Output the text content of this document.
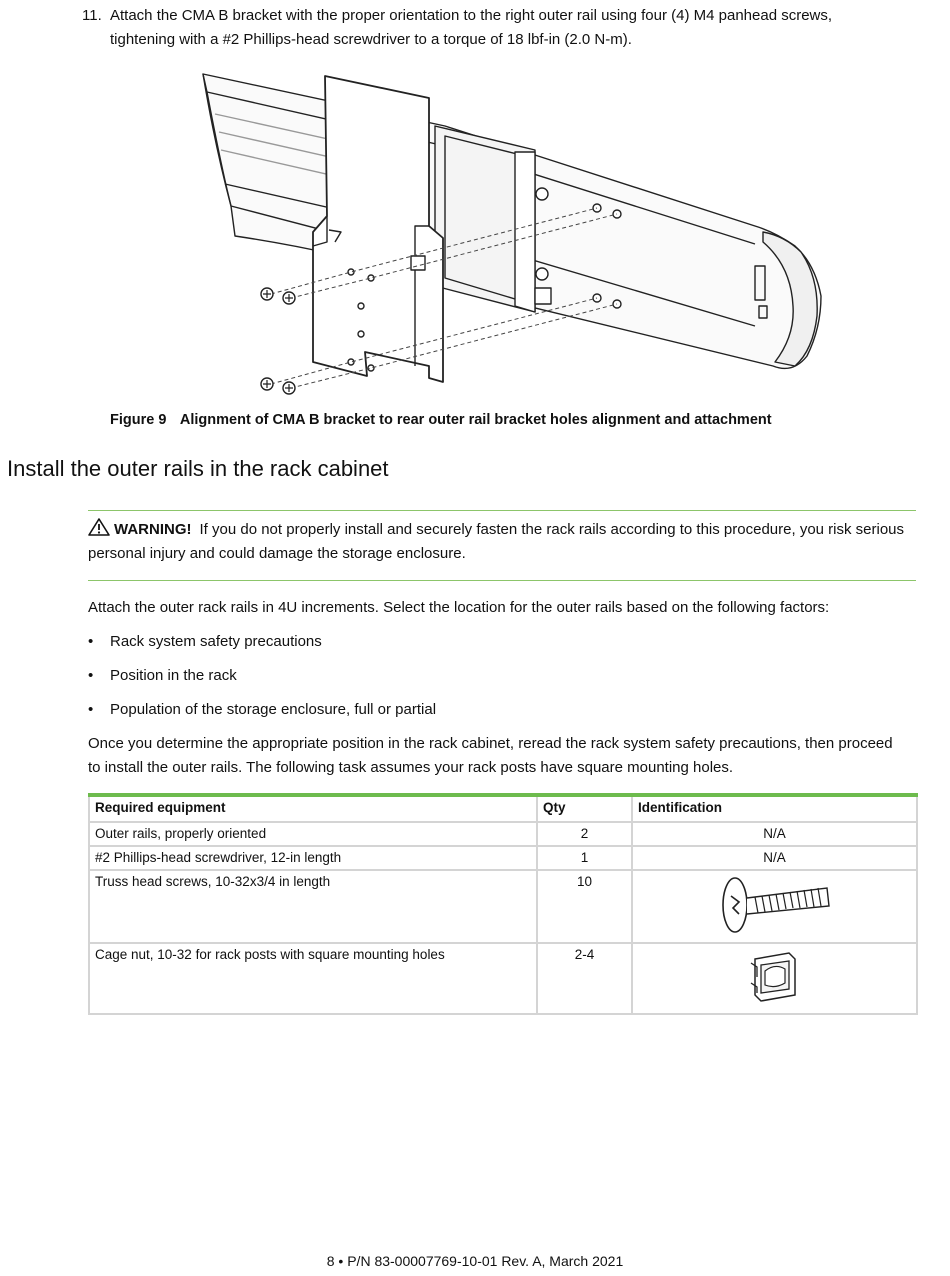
11. Attach the CMA B bracket with the proper orientation to the right outer rail using four (4) M4 panhead screws, tightening with a #2 Phillips-head screwdriver to a torque of 18 lbf-in (2.0 N-m).
Figure 9 Alignment of CMA B bracket to rear outer rail bracket holes alignment and attachment
Install the outer rails in the rack cabinet
WARNING! If you do not properly install and securely fasten the rack rails according to this procedure, you risk serious personal injury and could damage the storage enclosure.
Attach the outer rack rails in 4U increments. Select the location for the outer rails based on the following factors:
• Rack system safety precautions
• Position in the rack
• Population of the storage enclosure, full or partial
Once you determine the appropriate position in the rack cabinet, reread the rack system safety precautions, then proceed to install the outer rails. The following task assumes your rack posts have square mounting holes.
Required equipment	Qty	Identification
Outer rails, properly oriented	2	N/A
#2 Phillips-head screwdriver, 12-in length	1	N/A
Truss head screws, 10-32x3/4 in length	10	
Cage nut, 10-32 for rack posts with square mounting holes	2-4	
8 • P/N 83-00007769-10-01 Rev. A, March 2021
